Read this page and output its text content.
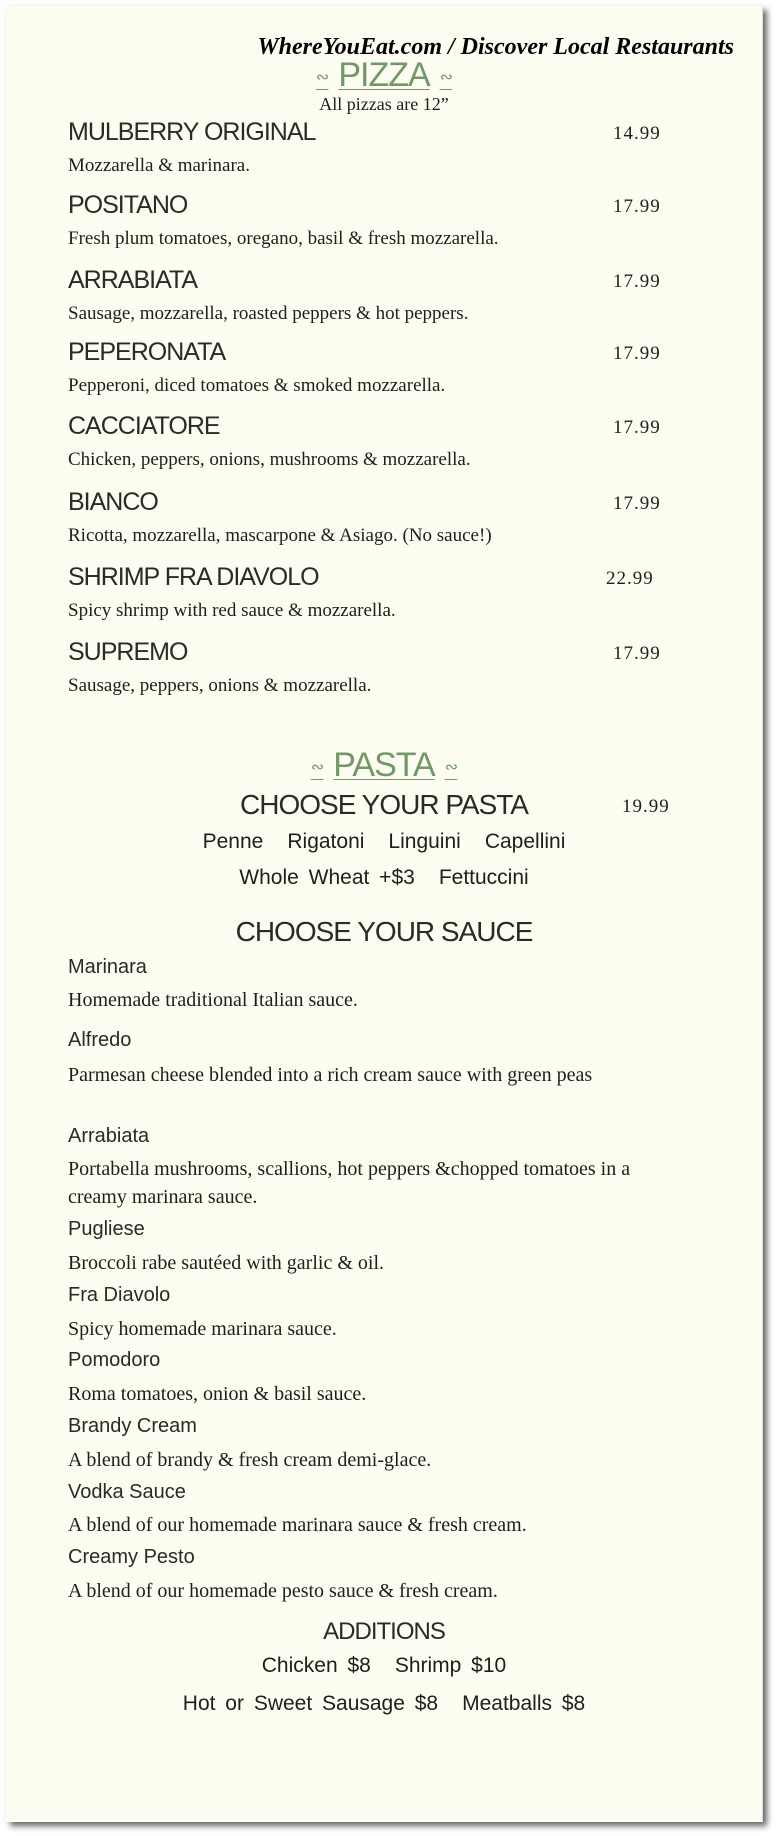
WhereYouEat.com / Discover Local Restaurants
∾ PIZZA ∾
All pizzas are 12”
∾ PASTA ∾
CHOOSE YOUR PASTA	19.99
Penne Rigatoni Linguini Capellini
Whole Wheat +$3 Fettuccini
CHOOSE YOUR SAUCE
ADDITIONS
Chicken $8 Shrimp $10
Hot or Sweet Sausage $8 Meatballs $8
MULBERRY ORIGINAL	14.99
Mozzarella & marinara.
POSITANO	17.99
Fresh plum tomatoes, oregano, basil & fresh mozzarella.
ARRABIATA	17.99
Sausage, mozzarella, roasted peppers & hot peppers.
PEPERONATA	17.99
Pepperoni, diced tomatoes & smoked mozzarella.
CACCIATORE	17.99
Chicken, peppers, onions, mushrooms & mozzarella.
BIANCO	17.99
Ricotta, mozzarella, mascarpone & Asiago. (No sauce!)
SHRIMP FRA DIAVOLO	22.99
Spicy shrimp with red sauce & mozzarella.
SUPREMO	17.99
Sausage, peppers, onions & mozzarella.
Marinara
Homemade traditional Italian sauce.
Alfredo
Parmesan cheese blended into a rich cream sauce with green peas
Arrabiata
Portabella mushrooms, scallions, hot peppers &chopped tomatoes in a creamy marinara sauce.
Pugliese
Broccoli rabe sautéed with garlic & oil.
Fra Diavolo
Spicy homemade marinara sauce.
Pomodoro
Roma tomatoes, onion & basil sauce.
Brandy Cream
A blend of brandy & fresh cream demi-glace.
Vodka Sauce
A blend of our homemade marinara sauce & fresh cream.
Creamy Pesto
A blend of our homemade pesto sauce & fresh cream.
